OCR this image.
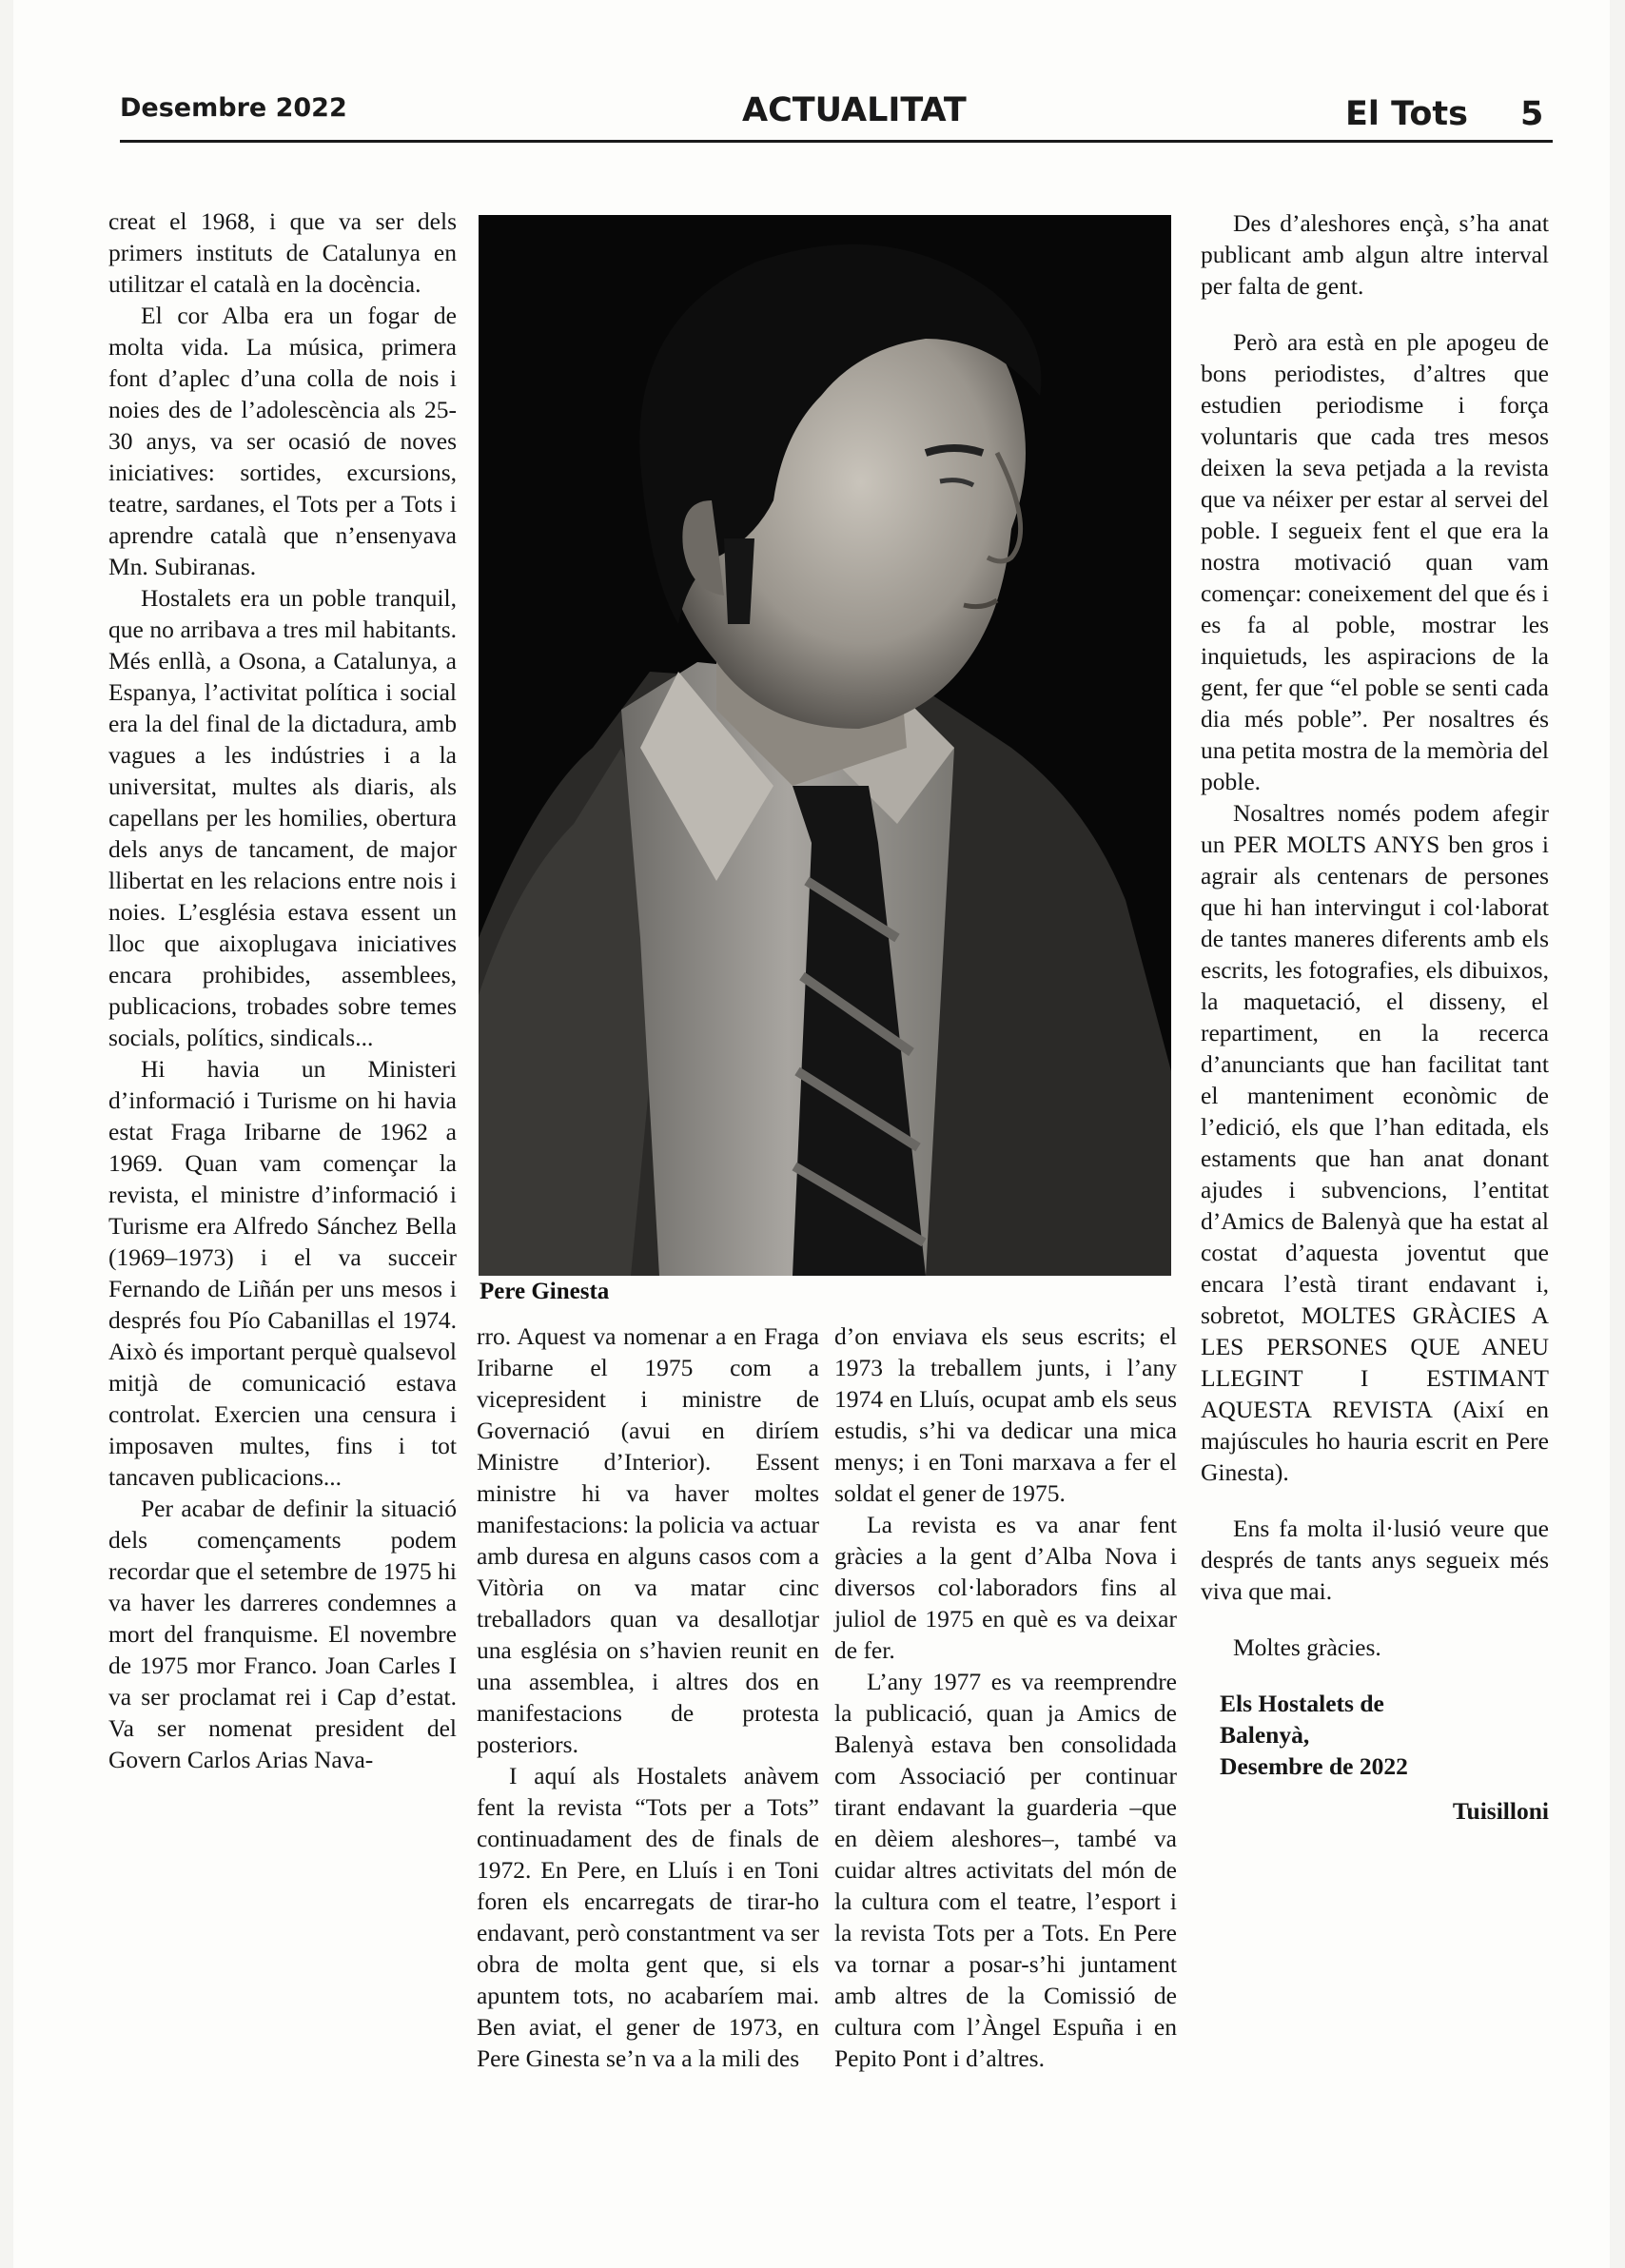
Desembre 2022	ACTUALITAT	El Tots 5

creat el 1968, i que va ser dels primers instituts de Catalunya en utilitzar el català en la docència.

El cor Alba era un fogar de molta vida. La música, primera font d’aplec d’una colla de nois i noies des de l’adolescència als 25-30 anys, va ser ocasió de noves iniciatives: sortides, excursions, teatre, sardanes, el Tots per a Tots i aprendre català que n’ensenyava Mn. Subiranas.

Hostalets era un poble tranquil, que no arribava a tres mil habitants. Més enllà, a Osona, a Catalunya, a Espanya, l’activitat política i social era la del final de la dictadura, amb vagues a les indústries i a la universitat, multes als diaris, als capellans per les homilies, obertura dels anys de tancament, de major llibertat en les relacions entre nois i noies. L’església estava essent un lloc que aixoplugava iniciatives encara prohibides, assemblees, publicacions, trobades sobre temes socials, polítics, sindicals...

Hi havia un Ministeri d’informació i Turisme on hi havia estat Fraga Iribarne de 1962 a 1969. Quan vam començar la revista, el ministre d’informació i Turisme era Alfredo Sánchez Bella (1969–1973) i el va succeir Fernando de Liñán per uns mesos i després fou Pío Cabanillas el 1974. Això és important perquè qualsevol mitjà de comunicació estava controlat. Exercien una censura i imposaven multes, fins i tot tancaven publicacions...

Per acabar de definir la situació dels començaments podem recordar que el setembre de 1975 hi va haver les darreres condemnes a mort del franquisme. El novembre de 1975 mor Franco. Joan Carles I va ser proclamat rei i Cap d’estat. Va ser nomenat president del Govern Carlos Arias Nava-

Pere Ginesta

rro. Aquest va nomenar a en Fraga Iribarne el 1975 com a vicepresident i ministre de Governació (avui en diríem Ministre d’Interior). Essent ministre hi va haver moltes manifestacions: la policia va actuar amb duresa en alguns casos com a Vitòria on va matar cinc treballadors quan va desallotjar una església on s’havien reunit en una assemblea, i altres dos en manifestacions de protesta posteriors.

I aquí als Hostalets anàvem fent la revista “Tots per a Tots” continuadament des de finals de 1972. En Pere, en Lluís i en Toni foren els encarregats de tirar-ho endavant, però constantment va ser obra de molta gent que, si els apuntem tots, no acabaríem mai. Ben aviat, el gener de 1973, en Pere Ginesta se’n va a la mili des

d’on enviava els seus escrits; el 1973 la treballem junts, i l’any 1974 en Lluís, ocupat amb els seus estudis, s’hi va dedicar una mica menys; i en Toni marxava a fer el soldat el gener de 1975.

La revista es va anar fent gràcies a la gent d’Alba Nova i diversos col·laboradors fins al juliol de 1975 en què es va deixar de fer.

L’any 1977 es va reemprendre la publicació, quan ja Amics de Balenyà estava ben consolidada com Associació per continuar tirant endavant la guarderia –que en dèiem aleshores–, també va cuidar altres activitats del món de la cultura com el teatre, l’esport i la revista Tots per a Tots. En Pere va tornar a posar-s’hi juntament amb altres de la Comissió de cultura com l’Àngel Espuña i en Pepito Pont i d’altres.

Des d’aleshores ençà, s’ha anat publicant amb algun altre interval per falta de gent.

Però ara està en ple apogeu de bons periodistes, d’altres que estudien periodisme i força voluntaris que cada tres mesos deixen la seva petjada a la revista que va néixer per estar al servei del poble. I segueix fent el que era la nostra motivació quan vam començar: coneixement del que és i es fa al poble, mostrar les inquietuds, les aspiracions de la gent, fer que “el poble se senti cada dia més poble”. Per nosaltres és una petita mostra de la memòria del poble.

Nosaltres només podem afegir un PER MOLTS ANYS ben gros i agrair als centenars de persones que hi han intervingut i col·laborat de tantes maneres diferents amb els escrits, les fotografies, els dibuixos, la maquetació, el disseny, el repartiment, en la recerca d’anunciants que han facilitat tant el manteniment econòmic de l’edició, els que l’han editada, els estaments que han anat donant ajudes i subvencions, l’entitat d’Amics de Balenyà que ha estat al costat d’aquesta joventut que encara l’està tirant endavant i, sobretot, MOLTES GRÀCIES A LES PERSONES QUE ANEU LLEGINT I ESTIMANT AQUESTA REVISTA (Així en majúscules ho hauria escrit en Pere Ginesta).

Ens fa molta il·lusió veure que després de tants anys segueix més viva que mai.

Moltes gràcies.

Els Hostalets de

Balenyà,

Desembre de 2022

Tuisilloni
